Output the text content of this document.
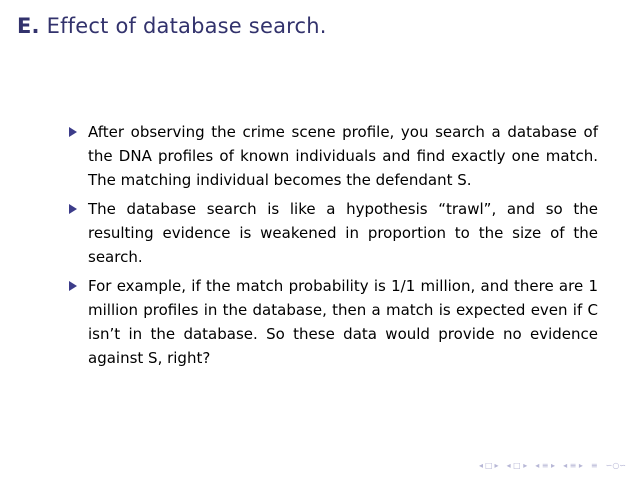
E. Effect of database search.
After observing the crime scene profile, you search a database of the DNA profiles of known individuals and find exactly one match. The matching individual becomes the defendant S.
The database search is like a hypothesis “trawl”, and so the resulting evidence is weakened in proportion to the size of the search.
For example, if the match probability is 1/1 million, and there are 1 million profiles in the database, then a match is expected even if C isn’t in the database. So these data would provide no evidence against S, right?
◂ □ ▸ ◂ □ ▸ ◂ ≡ ▸ ◂ ≡ ▸ ≡ ∽○∽
